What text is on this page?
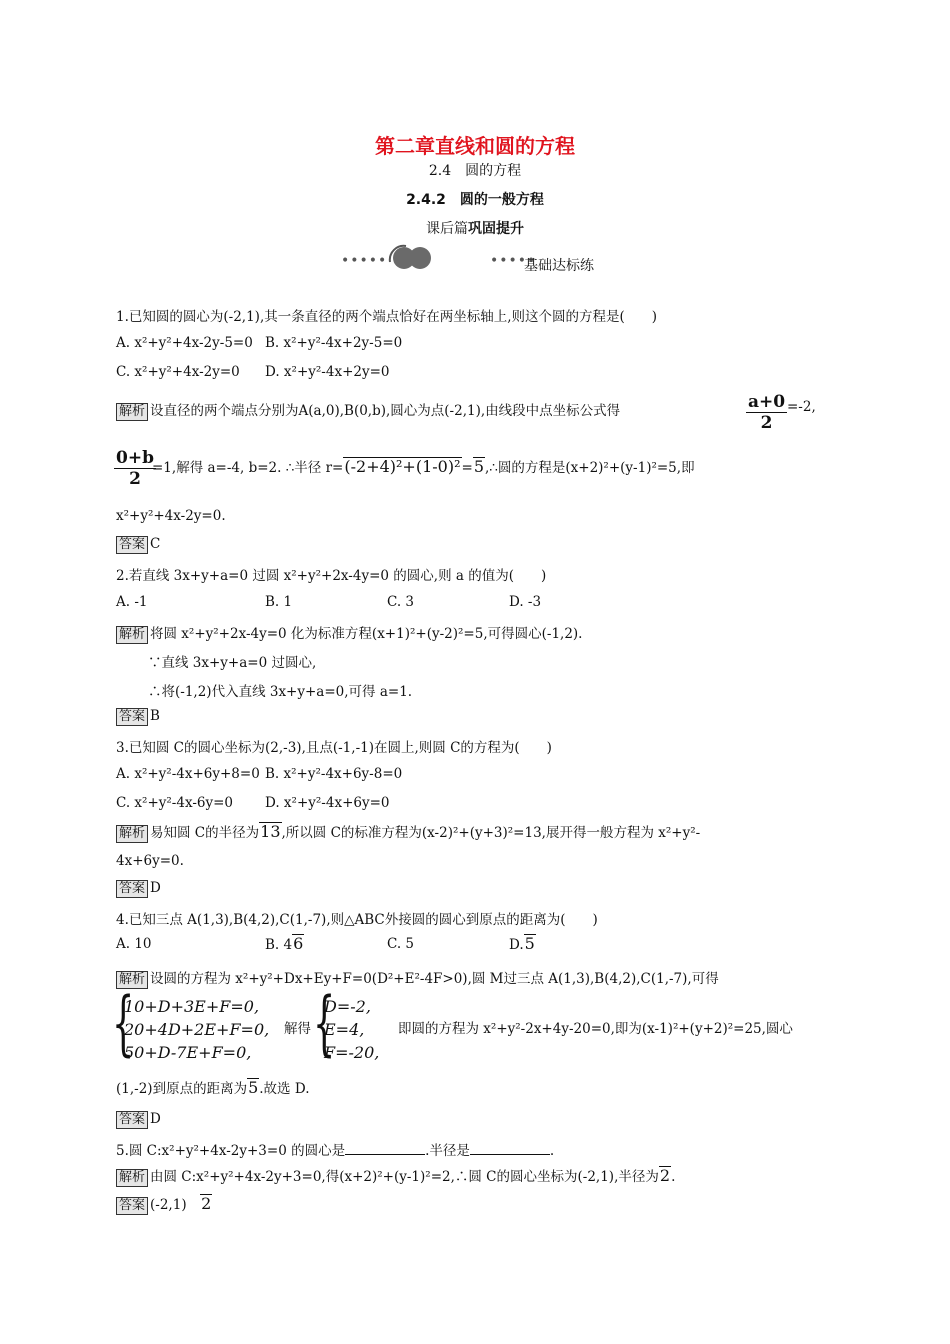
第二章直线和圆的方程
2.4　圆的方程
2.4.2　圆的一般方程
课后篇巩固提升
•••••	•••••
基础达标练
1.已知圆的圆心为(-2,1),其一条直径的两个端点恰好在两坐标轴上,则这个圆的方程是(　　)
A. x²+y²+4x-2y-5=0 B. x²+y²-4x+2y-5=0
C. x²+y²+4x-2y=0 D. x²+y²-4x+2y=0
解析 设直径的两个端点分别为A(a,0),B(0,b),圆心为点(-2,1),由线段中点坐标公式得	$\frac{a+0}{2} =-2$,
$\frac{0+b}{2}$
=1,解得 a=-4, b=2. ∴半径 r=(-2+4)²+(1-0)²=5,∴圆的方程是(x+2)²+(y-1)²=5,即
x²+y²+4x-2y=0.
答案 C
2.若直线 3x+y+a=0 过圆 x²+y²+2x-4y=0 的圆心,则 a 的值为(　　)
A. -1	B. 1	C. 3	D. -3
解析 将圆 x²+y²+2x-4y=0 化为标准方程(x+1)²+(y-2)²=5,可得圆心(-1,2).
∵直线 3x+y+a=0 过圆心,
∴将(-1,2)代入直线 3x+y+a=0,可得 a=1.
答案 B
3.已知圆 C的圆心坐标为(2,-3),且点(-1,-1)在圆上,则圆 C的方程为(　　)
A. x²+y²-4x+6y+8=0 B. x²+y²-4x+6y-8=0
C. x²+y²-4x-6y=0 D. x²+y²-4x+6y=0
解析 易知圆 C的半径为13,所以圆 C的标准方程为(x-2)²+(y+3)²=13,展开得一般方程为 x²+y²-
4x+6y=0.
答案 D
4.已知三点 A(1,3),B(4,2),C(1,-7),则△ABC外接圆的圆心到原点的距离为(　　)
A. 10	B. 46	C. 5	D.5
解析 设圆的方程为 x²+y²+Dx+Ey+F=0(D²+E²-4F>0),圆 M过三点 A(1,3),B(4,2),C(1,-7),可得
{
10+D+3E+F=0,
20+4D+2E+F=0,
50+D-7E+F=0,
解得 {
D=-2,
E=4,
F=-20,
即圆的方程为 x²+y²-2x+4y-20=0,即为(x-1)²+(y+2)²=25,圆心
(1,-2)到原点的距离为5.故选 D.
答案 D
5.圆 C:x²+y²+4x-2y+3=0 的圆心是	.半径是	.
解析 由圆 C:x²+y²+4x-2y+3=0,得(x+2)²+(y-1)²=2,∴圆 C的圆心坐标为(-2,1),半径为2.
答案 (-2,1)　2
